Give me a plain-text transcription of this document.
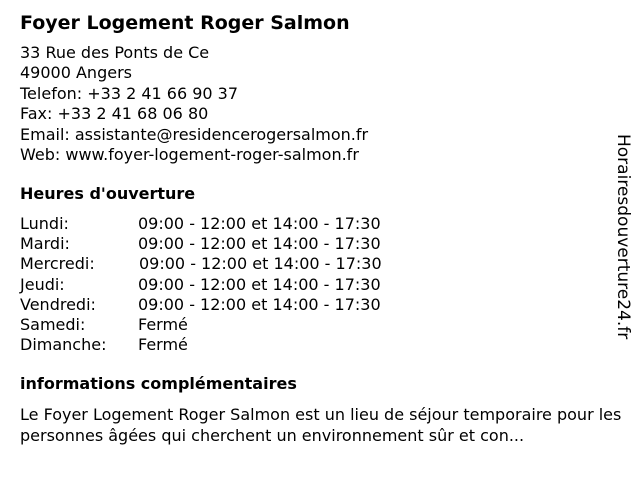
Foyer Logement Roger Salmon
33 Rue des Ponts de Ce
49000 Angers
Telefon: +33 2 41 66 90 37
Fax: +33 2 41 68 06 80
Email: assistante@residencerogersalmon.fr
Web: www.foyer-logement-roger-salmon.fr
Heures d'ouverture
Lundi:	09:00 - 12:00 et 14:00 - 17:30
Mardi:	09:00 - 12:00 et 14:00 - 17:30
Mercredi:	09:00 - 12:00 et 14:00 - 17:30
Jeudi:	09:00 - 12:00 et 14:00 - 17:30
Vendredi:	09:00 - 12:00 et 14:00 - 17:30
Samedi:	Fermé
Dimanche: Fermé
informations complémentaires
Le Foyer Logement Roger Salmon est un lieu de séjour temporaire pour les personnes âgées qui cherchent un environnement sûr et con...
Horairesdouverture24.fr
